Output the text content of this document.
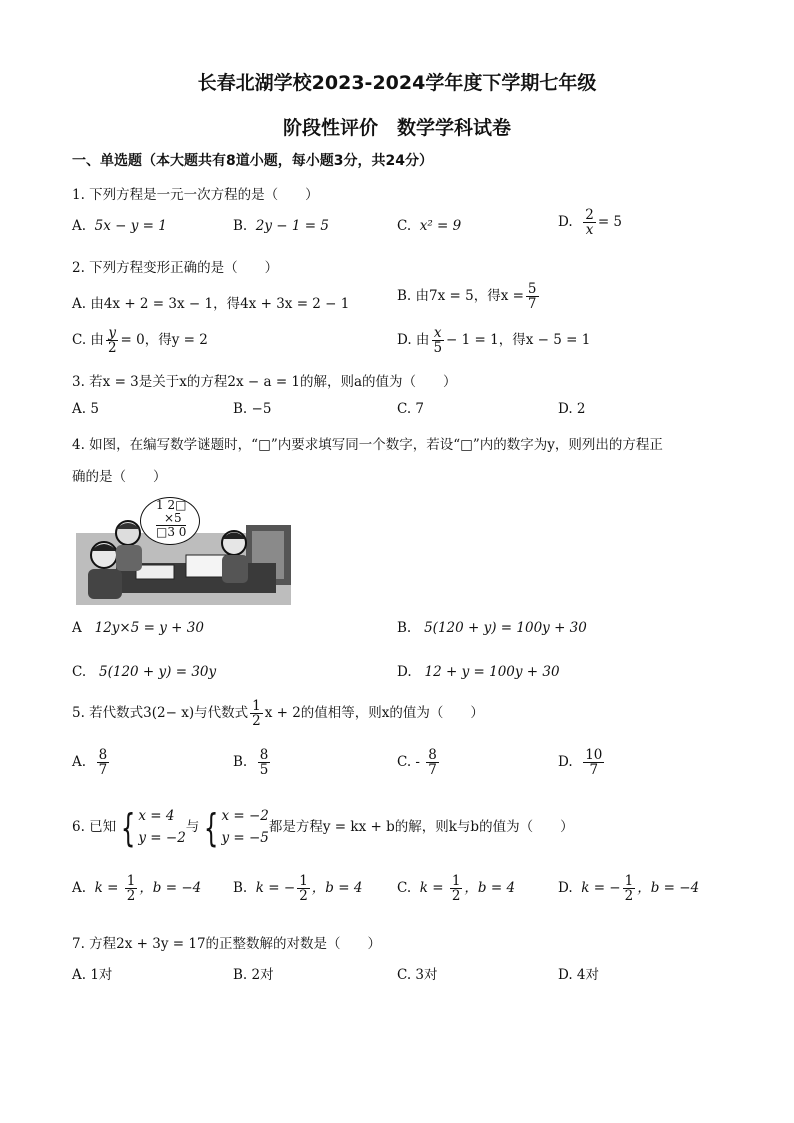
长春北湖学校2023-2024学年度下学期七年级
阶段性评价　数学学科试卷
一、单选题（本大题共有8道小题，每小题3分，共24分）
1. 下列方程是一元一次方程的是（　　）
A.  5x − y = 1	B.  2y − 1 = 5	C.  x² = 9	D. $\frac{2}{x} = 5$
2. 下列方程变形正确的是（　　）
A. 由4x + 2 = 3x − 1，得4x + 3x = 2 − 1	B. 由7x = 5，得$x = \frac{5}{7}$
C. 由 $\frac{y}{2} = 0$，得y = 2	D. 由 $\frac{x}{5} - 1 = 1$，得x − 5 = 1
3. 若x = 3是关于x的方程2x − a = 1的解，则a的值为（　　）
A. 5	B. −5	C. 7	D. 2
4. 如图，在编写数学谜题时，“□”内要求填写同一个数字，若设“□”内的数字为y，则列出的方程正
确的是（　　）
1 2□
×5
□3 0
A   12y×5 = y + 30	B.   5(120 + y) = 100y + 30
C.   5(120 + y) = 30y	D.   12 + y = 100y + 30
5. 若代数式3(2− x)与代数式 $\frac{1}{2}$ x + 2的值相等，则x的值为（　　）
A. $\frac{8}{7}$	B. $\frac{8}{5}$	C. - $\frac{8}{7}$	D. $\frac{10}{7}$
6. 已知 { x = 4
y = −2
与 { x = −2
y = −5
都是方程y = kx + b的解，则k与b的值为（　　）
A.  $k = \frac{1}{2}$ ，b = −4 B.  k = − $\frac{1}{2}$ ，b = 4	C.  $k = \frac{1}{2}$ ，b = 4	D.  k = − $\frac{1}{2}$ ，b = −4
7. 方程2x + 3y = 17的正整数解的对数是（　　）
A. 1对	B. 2对	C. 3对	D. 4对
